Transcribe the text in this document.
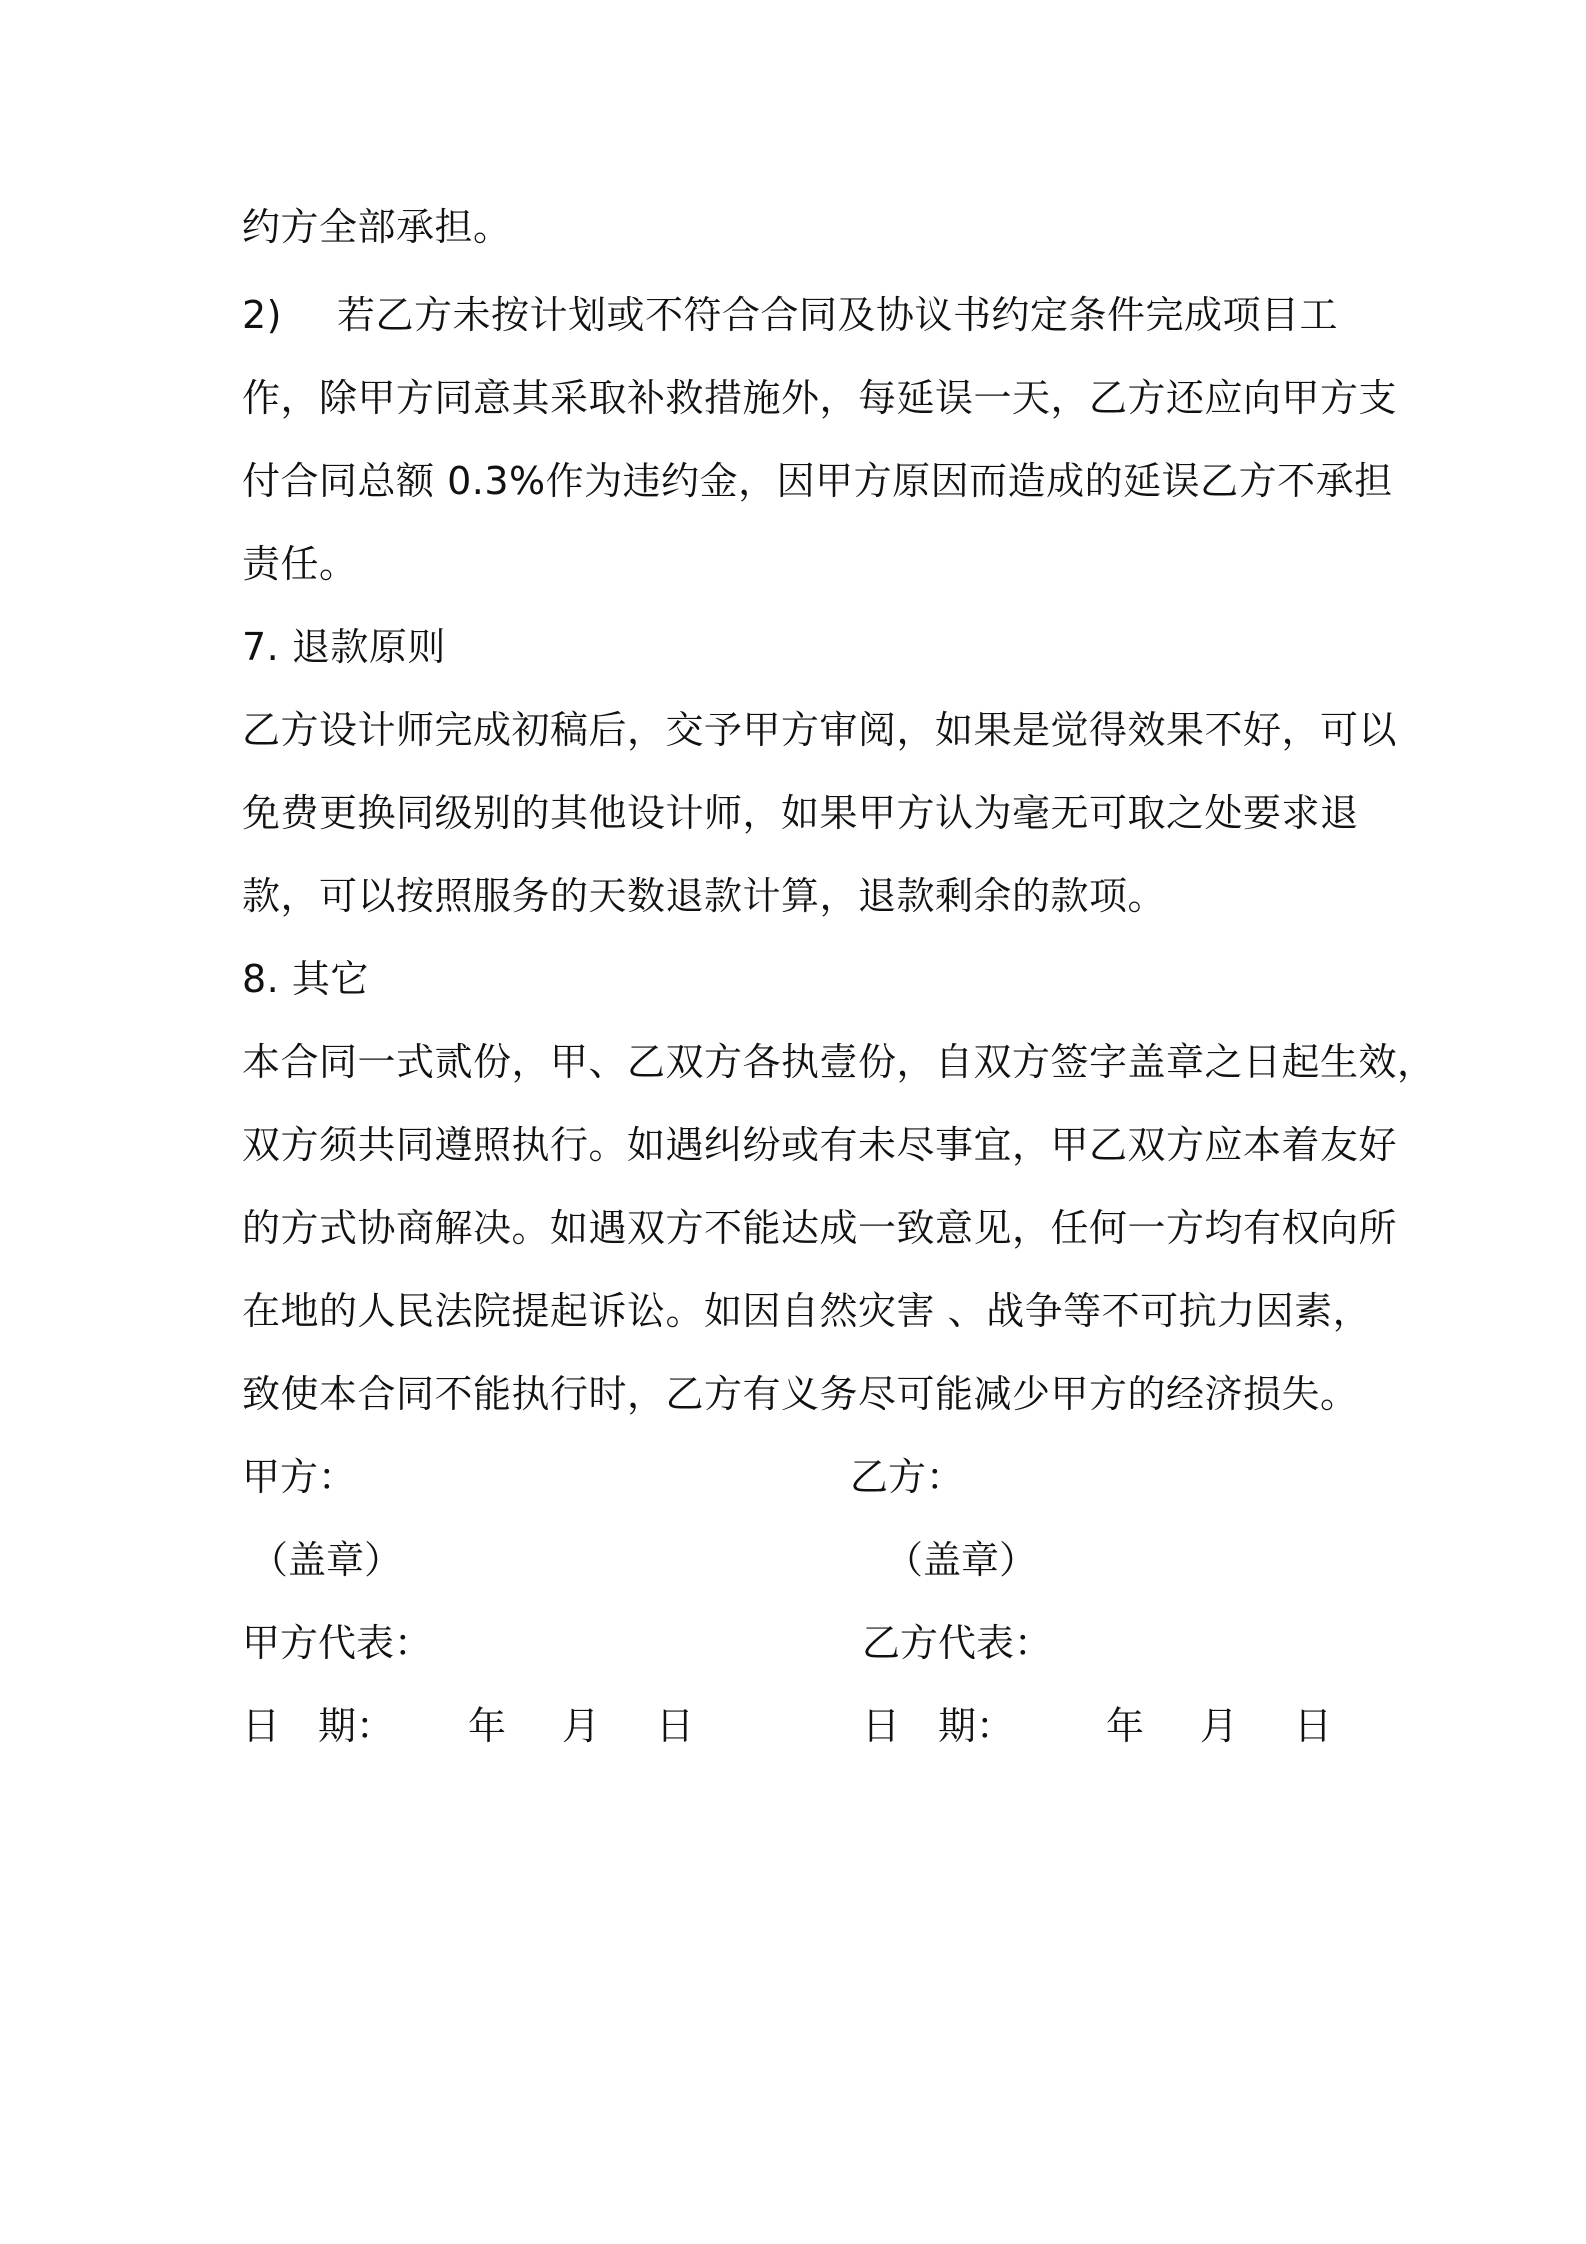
约方全部承担。
2) 若乙方未按计划或不符合合同及协议书约定条件完成项目工
作，除甲方同意其采取补救措施外，每延误一天，乙方还应向甲方支
付合同总额 0.3%作为违约金，因甲方原因而造成的延误乙方不承担
责任。
7. 退款原则
乙方设计师完成初稿后，交予甲方审阅，如果是觉得效果不好，可以
免费更换同级别的其他设计师，如果甲方认为毫无可取之处要求退
款，可以按照服务的天数退款计算，退款剩余的款项。
8. 其它
本合同一式贰份，甲、乙双方各执壹份，自双方签字盖章之日起生效，
双方须共同遵照执行。如遇纠纷或有未尽事宜，甲乙双方应本着友好
的方式协商解决。如遇双方不能达成一致意见，任何一方均有权向所
在地的人民法院提起诉讼。如因自然灾害 、战争等不可抗力因素，
致使本合同不能执行时，乙方有义务尽可能减少甲方的经济损失。
甲方：	乙方：
（盖章）	（盖章）
甲方代表：	乙方代表：
日　期： 年 月 日	日　期： 年 月 日
